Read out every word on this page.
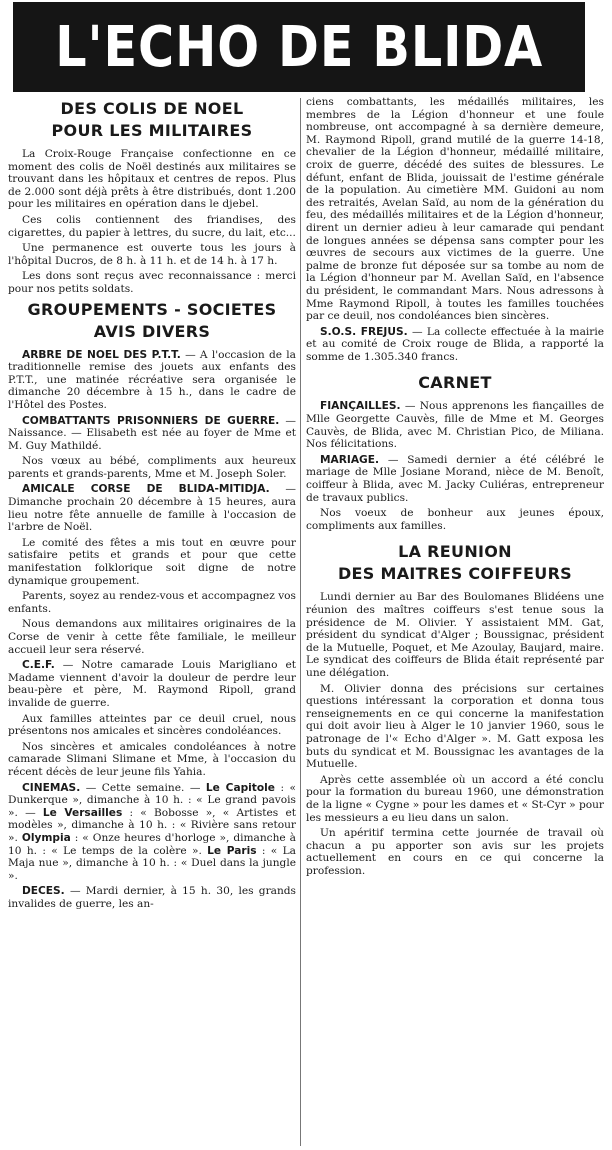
L'ECHO DE BLIDA
DES COLIS DE NOEL
POUR LES MILITAIRES

La Croix-Rouge Française confectionne en ce moment des colis de Noël destinés aux militaires se trouvant dans les hôpitaux et centres de repos. Plus de 2.000 sont déjà prêts à être distribués, dont 1.200 pour les militaires en opération dans le djebel.

Ces colis contiennent des friandises, des cigarettes, du papier à lettres, du sucre, du lait, etc...

Une permanence est ouverte tous les jours à l'hôpital Ducros, de 8 h. à 11 h. et de 14 h. à 17 h.

Les dons sont reçus avec reconnaissance : merci pour nos petits soldats.

GROUPEMENTS - SOCIETES
AVIS DIVERS

ARBRE DE NOEL DES P.T.T. — A l'occasion de la traditionnelle remise des jouets aux enfants des P.T.T., une matinée récréative sera organisée le dimanche 20 décembre à 15 h., dans le cadre de l'Hôtel des Postes.

COMBATTANTS PRISONNIERS DE GUERRE. — Naissance. — Elisabeth est née au foyer de Mme et M. Guy Mathildé.

Nos vœux au bébé, compliments aux heureux parents et grands-parents, Mme et M. Joseph Soler.

AMICALE CORSE DE BLIDA-MITIDJA. — Dimanche prochain 20 décembre à 15 heures, aura lieu notre fête annuelle de famille à l'occasion de l'arbre de Noël.

Le comité des fêtes a mis tout en œuvre pour satisfaire petits et grands et pour que cette manifestation folklorique soit digne de notre dynamique groupement.

Parents, soyez au rendez-vous et accompagnez vos enfants.

Nous demandons aux militaires originaires de la Corse de venir à cette fête familiale, le meilleur accueil leur sera réservé.

C.E.F. — Notre camarade Louis Marigliano et Madame viennent d'avoir la douleur de perdre leur beau-père et père, M. Raymond Ripoll, grand invalide de guerre.

Aux familles atteintes par ce deuil cruel, nous présentons nos amicales et sincères condoléances.

Nos sincères et amicales condoléances à notre camarade Slimani Slimane et Mme, à l'occasion du récent décès de leur jeune fils Yahia.

CINEMAS. — Cette semaine. — Le Capitole : « Dunkerque », dimanche à 10 h. : « Le grand pavois ». — Le Versailles : « Bobosse », « Artistes et modèles », dimanche à 10 h. : « Rivière sans retour ». Olympia : « Onze heures d'horloge », dimanche à 10 h. : « Le temps de la colère ». Le Paris : « La Maja nue », dimanche à 10 h. : « Duel dans la jungle ».

DECES. — Mardi dernier, à 15 h. 30, les grands invalides de guerre, les an-

ciens combattants, les médaillés militaires, les membres de la Légion d'honneur et une foule nombreuse, ont accompagné à sa dernière demeure, M. Raymond Ripoll, grand mutilé de la guerre 14-18, chevalier de la Légion d'honneur, médaillé militaire, croix de guerre, décédé des suites de blessures. Le défunt, enfant de Blida, jouissait de l'estime générale de la population. Au cimetière MM. Guidoni au nom des retraités, Avelan Saïd, au nom de la génération du feu, des médaillés militaires et de la Légion d'honneur, dirent un dernier adieu à leur camarade qui pendant de longues années se dépensa sans compter pour les œuvres de secours aux victimes de la guerre. Une palme de bronze fut déposée sur sa tombe au nom de la Légion d'honneur par M. Avellan Saïd, en l'absence du président, le commandant Mars. Nous adressons à Mme Raymond Ripoll, à toutes les familles touchées par ce deuil, nos condoléances bien sincères.

S.O.S. FREJUS. — La collecte effectuée à la mairie et au comité de Croix rouge de Blida, a rapporté la somme de 1.305.340 francs.

CARNET

FIANÇAILLES. — Nous apprenons les fiançailles de Mlle Georgette Cauvès, fille de Mme et M. Georges Cauvès, de Blida, avec M. Christian Pico, de Miliana. Nos félicitations.

MARIAGE. — Samedi dernier a été célébré le mariage de Mlle Josiane Morand, nièce de M. Benoît, coiffeur à Blida, avec M. Jacky Culiéras, entrepreneur de travaux publics.

Nos voeux de bonheur aux jeunes époux, compliments aux familles.

LA REUNION
DES MAITRES COIFFEURS

Lundi dernier au Bar des Boulomanes Blidéens une réunion des maîtres coiffeurs s'est tenue sous la présidence de M. Olivier. Y assistaient MM. Gat, président du syndicat d'Alger ; Boussignac, président de la Mutuelle, Poquet, et Me Azoulay, Baujard, maire. Le syndicat des coiffeurs de Blida était représenté par une délégation.

M. Olivier donna des précisions sur certaines questions intéressant la corporation et donna tous renseignements en ce qui concerne la manifestation qui doit avoir lieu à Alger le 10 janvier 1960, sous le patronage de l'« Echo d'Alger ». M. Gatt exposa les buts du syndicat et M. Boussignac les avantages de la Mutuelle.

Après cette assemblée où un accord a été conclu pour la formation du bureau 1960, une démonstration de la ligne « Cygne » pour les dames et « St-Cyr » pour les messieurs a eu lieu dans un salon.

Un apéritif termina cette journée de travail où chacun a pu apporter son avis sur les projets actuellement en cours en ce qui concerne la profession.
